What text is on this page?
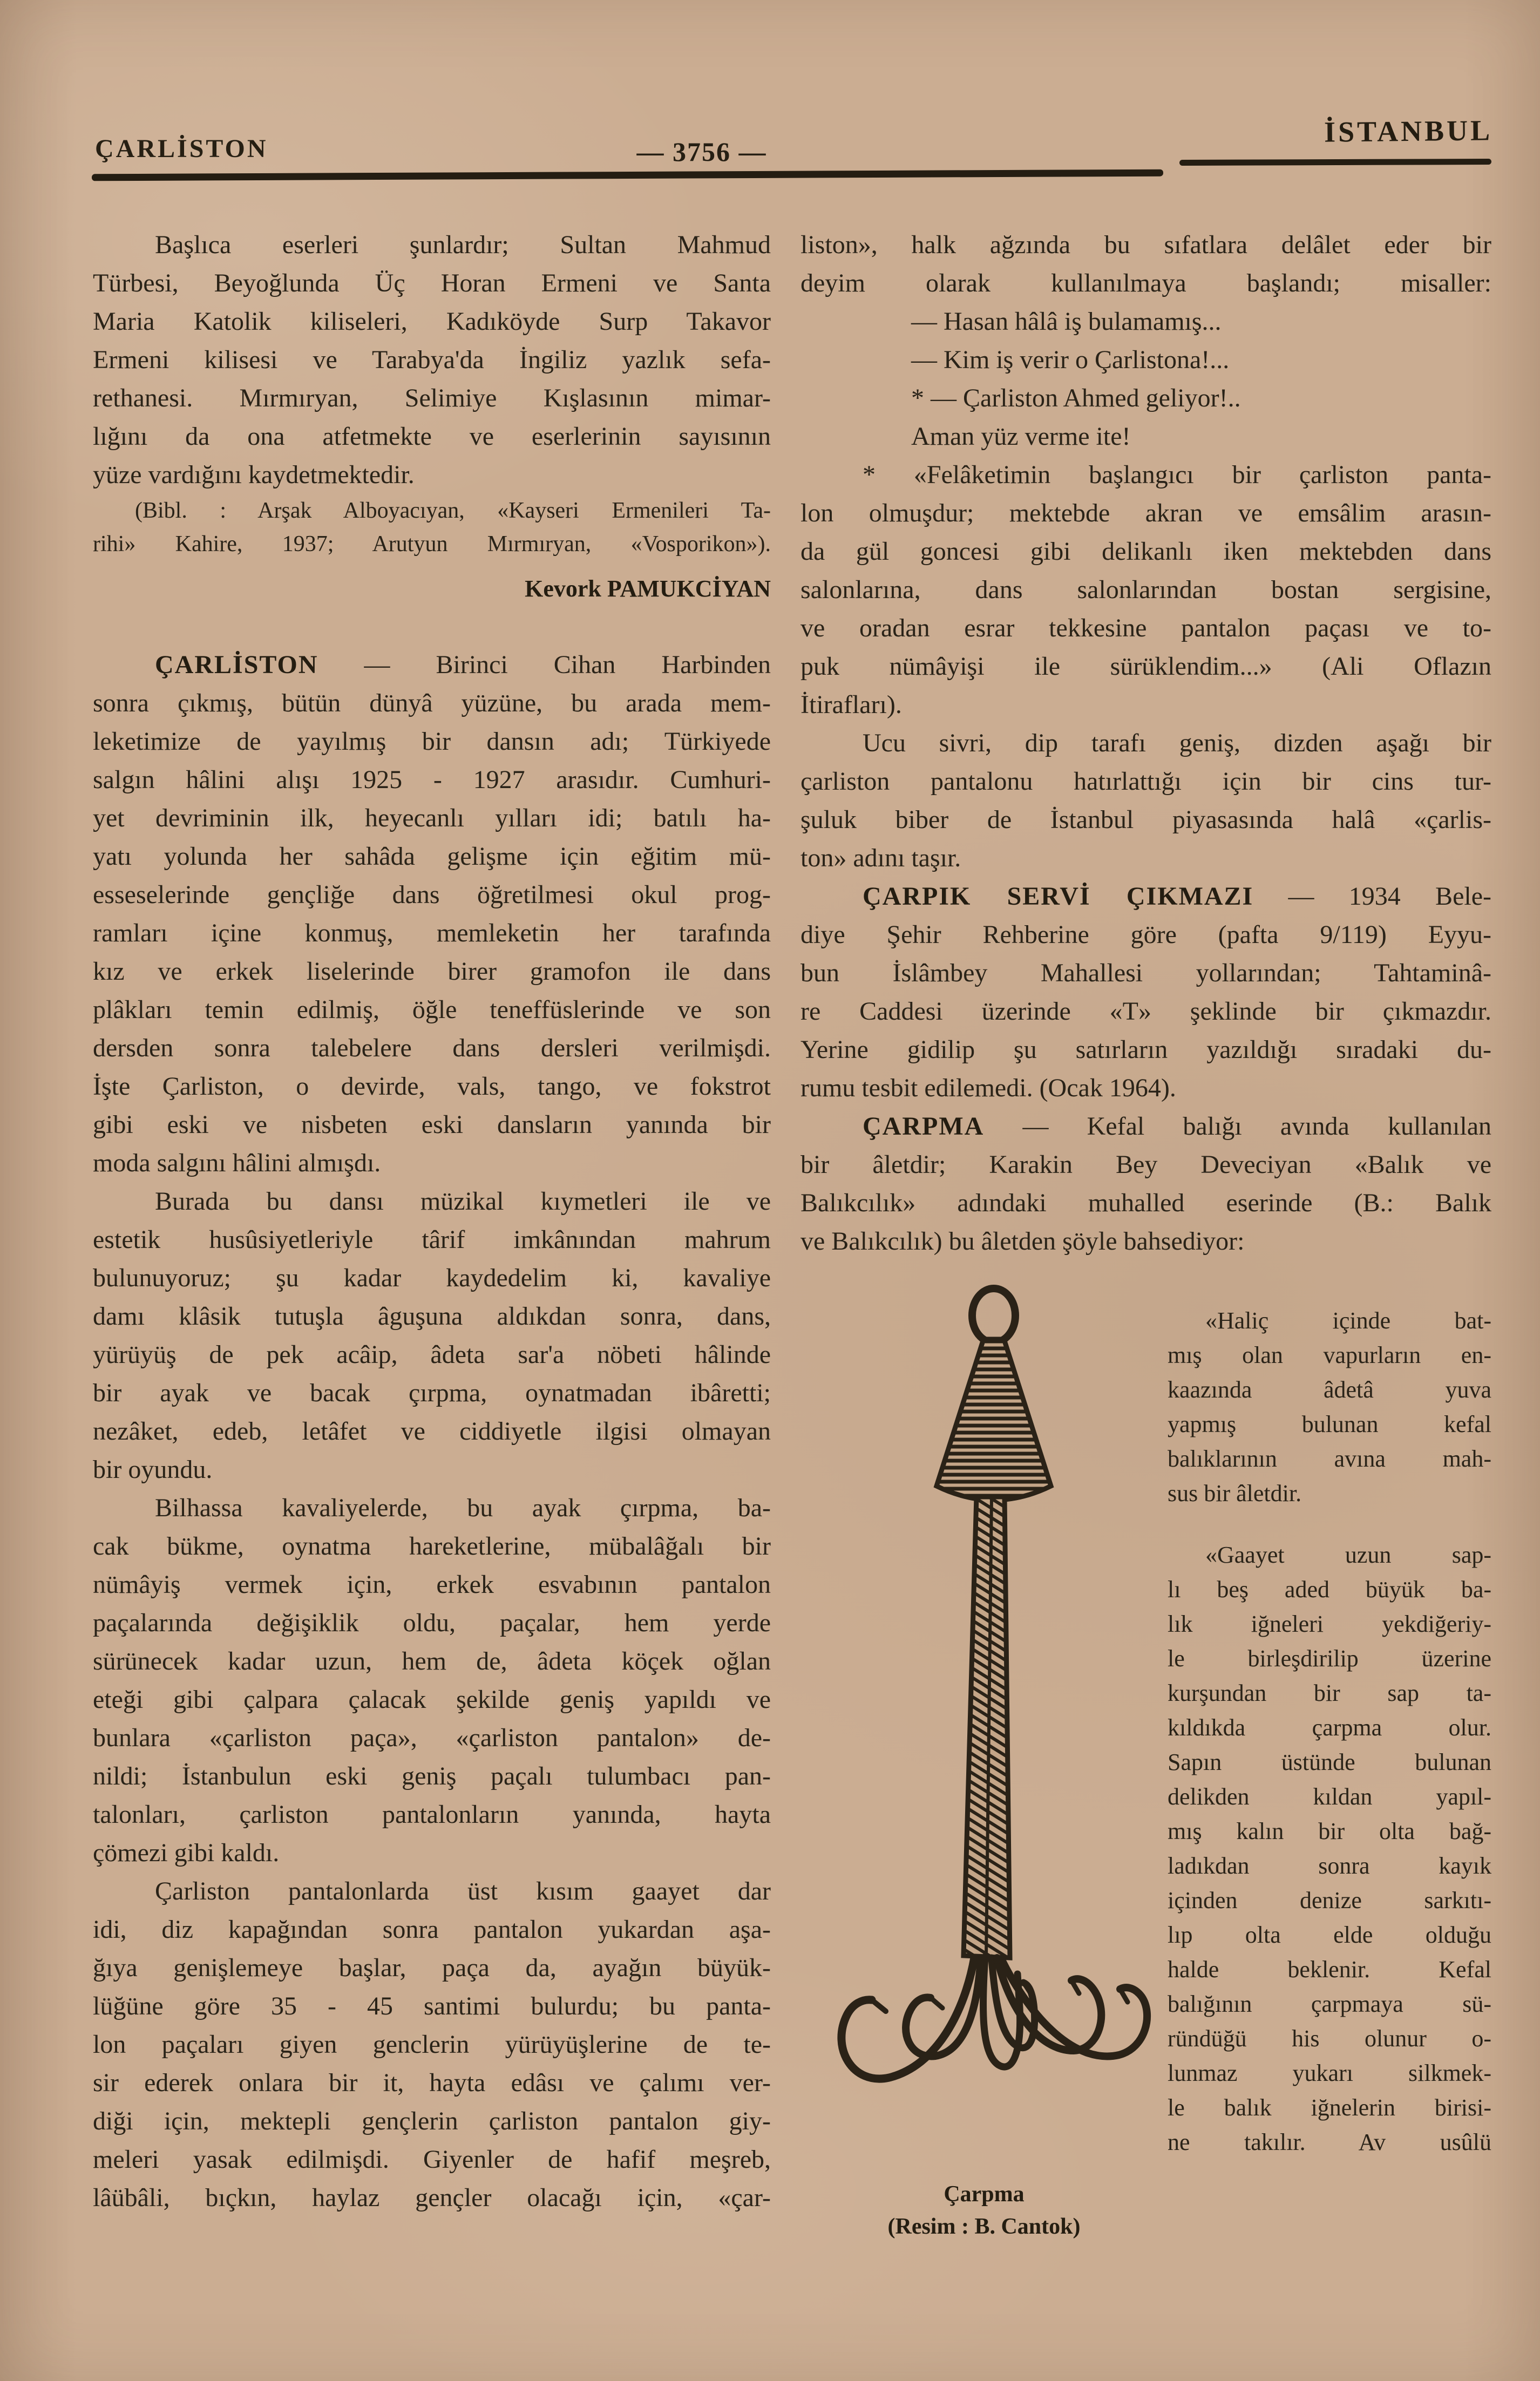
ÇARLİSTON	— 3756 —
İSTANBUL
Başlıca eserleri şunlardır; Sultan Mahmud
Türbesi, Beyoğlunda Üç Horan Ermeni ve Santa
Maria Katolik kiliseleri, Kadıköyde Surp Takavor
Ermeni kilisesi ve Tarabya'da İngiliz yazlık sefa-
rethanesi. Mırmıryan, Selimiye Kışlasının mimar-
lığını da ona atfetmekte ve eserlerinin sayısının
yüze vardığını kaydetmektedir.
(Bibl. : Arşak Alboyacıyan, «Kayseri Ermenileri Ta-
rihi» Kahire, 1937; Arutyun Mırmıryan, «Vosporikon»).
Kevork PAMUKCİYAN
ÇARLİSTON — Birinci Cihan Harbinden
sonra çıkmış, bütün dünyâ yüzüne, bu arada mem-
leketimize de yayılmış bir dansın adı; Türkiyede
salgın hâlini alışı 1925 - 1927 arasıdır. Cumhuri-
yet devriminin ilk, heyecanlı yılları idi; batılı ha-
yatı yolunda her sahâda gelişme için eğitim mü-
esseselerinde gençliğe dans öğretilmesi okul prog-
ramları içine konmuş, memleketin her tarafında
kız ve erkek liselerinde birer gramofon ile dans
plâkları temin edilmiş, öğle teneffüslerinde ve son
dersden sonra talebelere dans dersleri verilmişdi.
İşte Çarliston, o devirde, vals, tango, ve fokstrot
gibi eski ve nisbeten eski dansların yanında bir
moda salgını hâlini almışdı.
Burada bu dansı müzikal kıymetleri ile ve
estetik husûsiyetleriyle târif imkânından mahrum
bulunuyoruz; şu kadar kaydedelim ki, kavaliye
damı klâsik tutuşla âguşuna aldıkdan sonra, dans,
yürüyüş de pek acâip, âdeta sar'a nöbeti hâlinde
bir ayak ve bacak çırpma, oynatmadan ibâretti;
nezâket, edeb, letâfet ve ciddiyetle ilgisi olmayan
bir oyundu.
Bilhassa kavaliyelerde, bu ayak çırpma, ba-
cak bükme, oynatma hareketlerine, mübalâğalı bir
nümâyiş vermek için, erkek esvabının pantalon
paçalarında değişiklik oldu, paçalar, hem yerde
sürünecek kadar uzun, hem de, âdeta köçek oğlan
eteği gibi çalpara çalacak şekilde geniş yapıldı ve
bunlara «çarliston paça», «çarliston pantalon» de-
nildi; İstanbulun eski geniş paçalı tulumbacı pan-
talonları, çarliston pantalonların yanında, hayta
çömezi gibi kaldı.
Çarliston pantalonlarda üst kısım gaayet dar
idi, diz kapağından sonra pantalon yukardan aşa-
ğıya genişlemeye başlar, paça da, ayağın büyük-
lüğüne göre 35 - 45 santimi bulurdu; bu panta-
lon paçaları giyen genclerin yürüyüşlerine de te-
sir ederek onlara bir it, hayta edâsı ve çalımı ver-
diği için, mektepli gençlerin çarliston pantalon giy-
meleri yasak edilmişdi. Giyenler de hafif meşreb,
lâübâli, bıçkın, haylaz gençler olacağı için, «çar-
liston», halk ağzında bu sıfatlara delâlet eder bir
deyim olarak kullanılmaya başlandı; misaller:
— Hasan hâlâ iş bulamamış...
— Kim iş verir o Çarlistona!...
* — Çarliston Ahmed geliyor!..
Aman yüz verme ite!
* «Felâketimin başlangıcı bir çarliston panta-
lon olmuşdur; mektebde akran ve emsâlim arasın-
da gül goncesi gibi delikanlı iken mektebden dans
salonlarına, dans salonlarından bostan sergisine,
ve oradan esrar tekkesine pantalon paçası ve to-
puk nümâyişi ile sürüklendim...» (Ali Oflazın
İtirafları).
Ucu sivri, dip tarafı geniş, dizden aşağı bir
çarliston pantalonu hatırlattığı için bir cins tur-
şuluk biber de İstanbul piyasasında halâ «çarlis-
ton» adını taşır.
ÇARPIK SERVİ ÇIKMAZI — 1934 Bele-
diye Şehir Rehberine göre (pafta 9/119) Eyyu-
bun İslâmbey Mahallesi yollarından; Tahtaminâ-
re Caddesi üzerinde «T» şeklinde bir çıkmazdır.
Yerine gidilip şu satırların yazıldığı sıradaki du-
rumu tesbit edilemedi. (Ocak 1964).
ÇARPMA — Kefal balığı avında kullanılan
bir âletdir; Karakin Bey Deveciyan «Balık ve
Balıkcılık» adındaki muhalled eserinde (B.: Balık
ve Balıkcılık) bu âletden şöyle bahsediyor:
«Haliç içinde bat-
mış olan vapurların en-
kaazında âdetâ yuva
yapmış bulunan kefal
balıklarının avına mah-
sus bir âletdir.
«Gaayet uzun sap-
lı beş aded büyük ba-
lık iğneleri yekdiğeriy-
le birleşdirilip üzerine
kurşundan bir sap ta-
kıldıkda çarpma olur.
Sapın üstünde bulunan
delikden kıldan yapıl-
mış kalın bir olta bağ-
ladıkdan sonra kayık
içinden denize sarkıtı-
lıp olta elde olduğu
halde beklenir. Kefal
balığının çarpmaya sü-
ründüğü his olunur o-
lunmaz yukarı silkmek-
le balık iğnelerin birisi-
ne takılır. Av usûlü
Çarpma
(Resim : B. Cantok)
